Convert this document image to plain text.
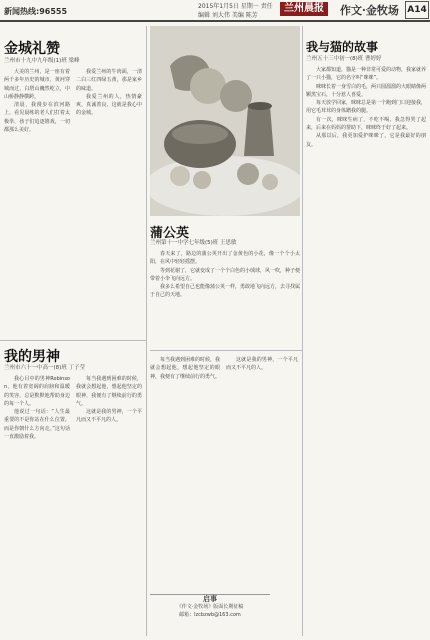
新闻热线:96555
2015年1月5日 星期一 责任编辑 刘大伟 美编 陈芳
兰州晨报	作文·金牧场 A14
金城礼赞
兰州市十九中九年级(1)班 梁峰

大美的兰州，是一座有着两千多年历史的城市，黄河穿城而过，白塔山巍然屹立，中山桥静静横跨。

清晨，我漫步在滨河路上，看见晨练的老人们打着太极拳，孩子们追逐嬉戏，一切都那么美好。

我爱兰州的牛肉面，一清二白三红四绿五黄，那是家乡的味道。

我爱兰州的人，热情豪爽，真诚善良，这就是我心中的金城。

我的男神
兰州市六十一中高一(8)班 丁子莹

我心目中的男神Robinson，他有着宽阔的肩膀和温暖的笑容，总是默默地帮助身边的每一个人。

他说过一句话：“人生最重要的不是你站在什么位置，而是你朝什么方向走。”这句话一直激励着我。

每当我遇到困难的时候，我就会想起他，想起他坚定的眼神，我便有了继续前行的勇气。

这就是我的男神，一个平凡而又不平凡的人。

每当我遇到困难的时候，我就会想起他，想起他坚定的眼神，我便有了继续前行的勇气。

这就是我的男神，一个平凡而又不平凡的人。

蒲公英
兰州第十一中学七年级(5)班 王思敏

春天来了，路边的蒲公英开出了金黄色的小花，像一个个小太阳，在风中轻轻摇摆。

等到花谢了，它就变成了一个个白色的小绒球，风一吹，种子便带着小伞飞向远方。

我多么希望自己也能像蒲公英一样，勇敢地飞向远方，去寻找属于自己的天地。

我与猫的故事
兰州五十三中初一(8)班 曹婷婷

大家都知道，猫是一种非常可爱的动物，我家就养了一只小猫，它的名字叫“咪咪”。

咪咪长着一身雪白的毛，两只圆溜溜的大眼睛像两颗黑宝石，十分惹人喜爱。

每天放学回家，咪咪总是第一个跑到门口迎接我，用它毛茸茸的身体蹭我的腿。

有一次，咪咪生病了，不吃不喝，我急得哭了起来，后来在妈妈的帮助下，咪咪终于好了起来。

从那以后，我更加爱护咪咪了，它是我最好的朋友。

启事
《作文·金牧场》版面长期征稿
邮箱：lzcbzwb@163.com
